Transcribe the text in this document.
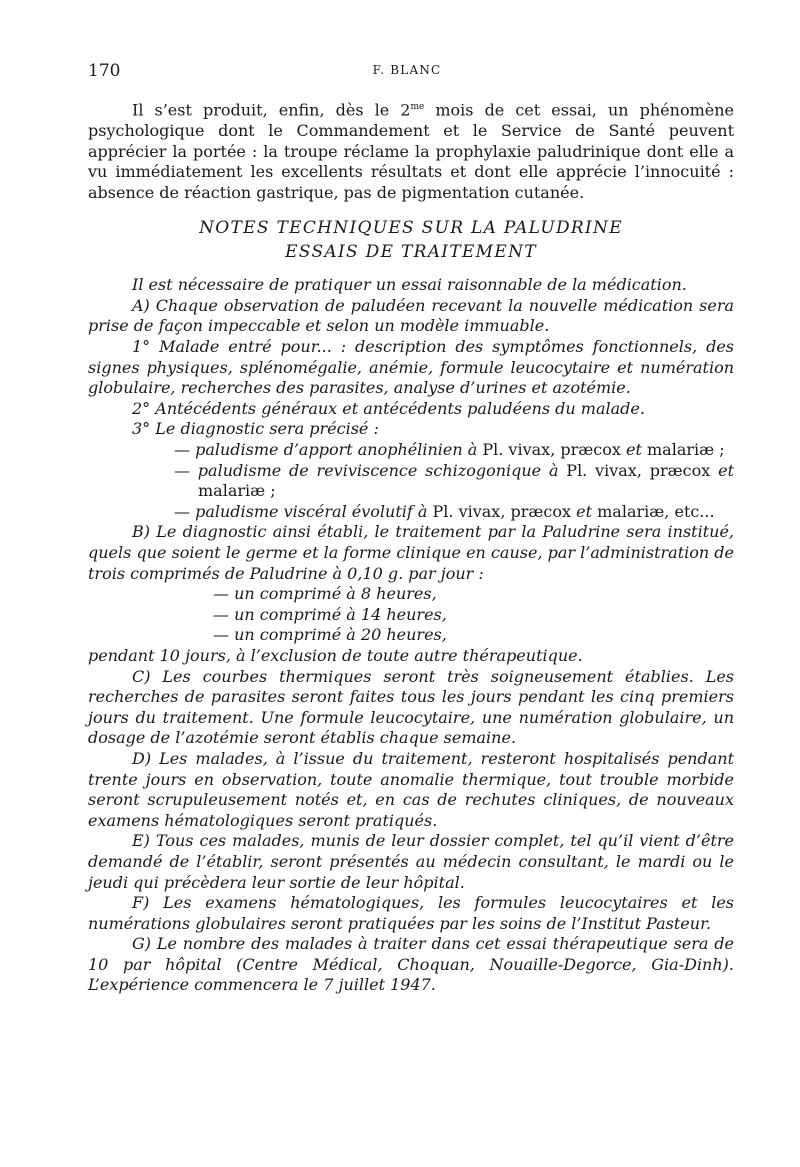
170	F. BLANC

Il s’est produit, enfin, dès le $2^{me}$ mois de cet essai, un phénomène psychologique dont le Commandement et le Service de Santé peuvent apprécier la portée : la troupe réclame la prophylaxie paludrinique dont elle a vu immédiatement les excellents résultats et dont elle apprécie l’innocuité : absence de réaction gastrique, pas de pigmentation cutanée.

NOTES TECHNIQUES SUR LA PALUDRINE
ESSAIS DE TRAITEMENT

Il est nécessaire de pratiquer un essai raisonnable de la médication.

A) Chaque observation de paludéen recevant la nouvelle médication sera prise de façon impeccable et selon un modèle immuable.

1° Malade entré pour... : description des symptômes fonctionnels, des signes physiques, splénomégalie, anémie, formule leucocytaire et numération globulaire, recherches des parasites, analyse d’urines et azotémie.

2° Antécédents généraux et antécédents paludéens du malade.

3° Le diagnostic sera précisé :

— paludisme d’apport anophélinien à Pl. vivax, præcox et malariæ ;

— paludisme de reviviscence schizogonique à Pl. vivax, præcox et malariæ ;

— paludisme viscéral évolutif à Pl. vivax, præcox et malariæ, etc...

B) Le diagnostic ainsi établi, le traitement par la Paludrine sera institué, quels que soient le germe et la forme clinique en cause, par l’administration de trois comprimés de Paludrine à 0,10 g. par jour :

— un comprimé à 8 heures,

— un comprimé à 14 heures,

— un comprimé à 20 heures,

pendant 10 jours, à l’exclusion de toute autre thérapeutique.

C) Les courbes thermiques seront très soigneusement établies. Les recherches de parasites seront faites tous les jours pendant les cinq premiers jours du traitement. Une formule leucocytaire, une numération globulaire, un dosage de l’azotémie seront établis chaque semaine.

D) Les malades, à l’issue du traitement, resteront hospitalisés pendant trente jours en observation, toute anomalie thermique, tout trouble morbide seront scrupuleusement notés et, en cas de rechutes cliniques, de nouveaux examens hématologiques seront pratiqués.

E) Tous ces malades, munis de leur dossier complet, tel qu’il vient d’être demandé de l’établir, seront présentés au médecin consultant, le mardi ou le jeudi qui précèdera leur sortie de leur hôpital.

F) Les examens hématologiques, les formules leucocytaires et les numérations globulaires seront pratiquées par les soins de l’Institut Pasteur.

G) Le nombre des malades à traiter dans cet essai thérapeutique sera de 10 par hôpital (Centre Médical, Choquan, Nouaille-Degorce, Gia-Dinh). L’expérience commencera le 7 juillet 1947.
